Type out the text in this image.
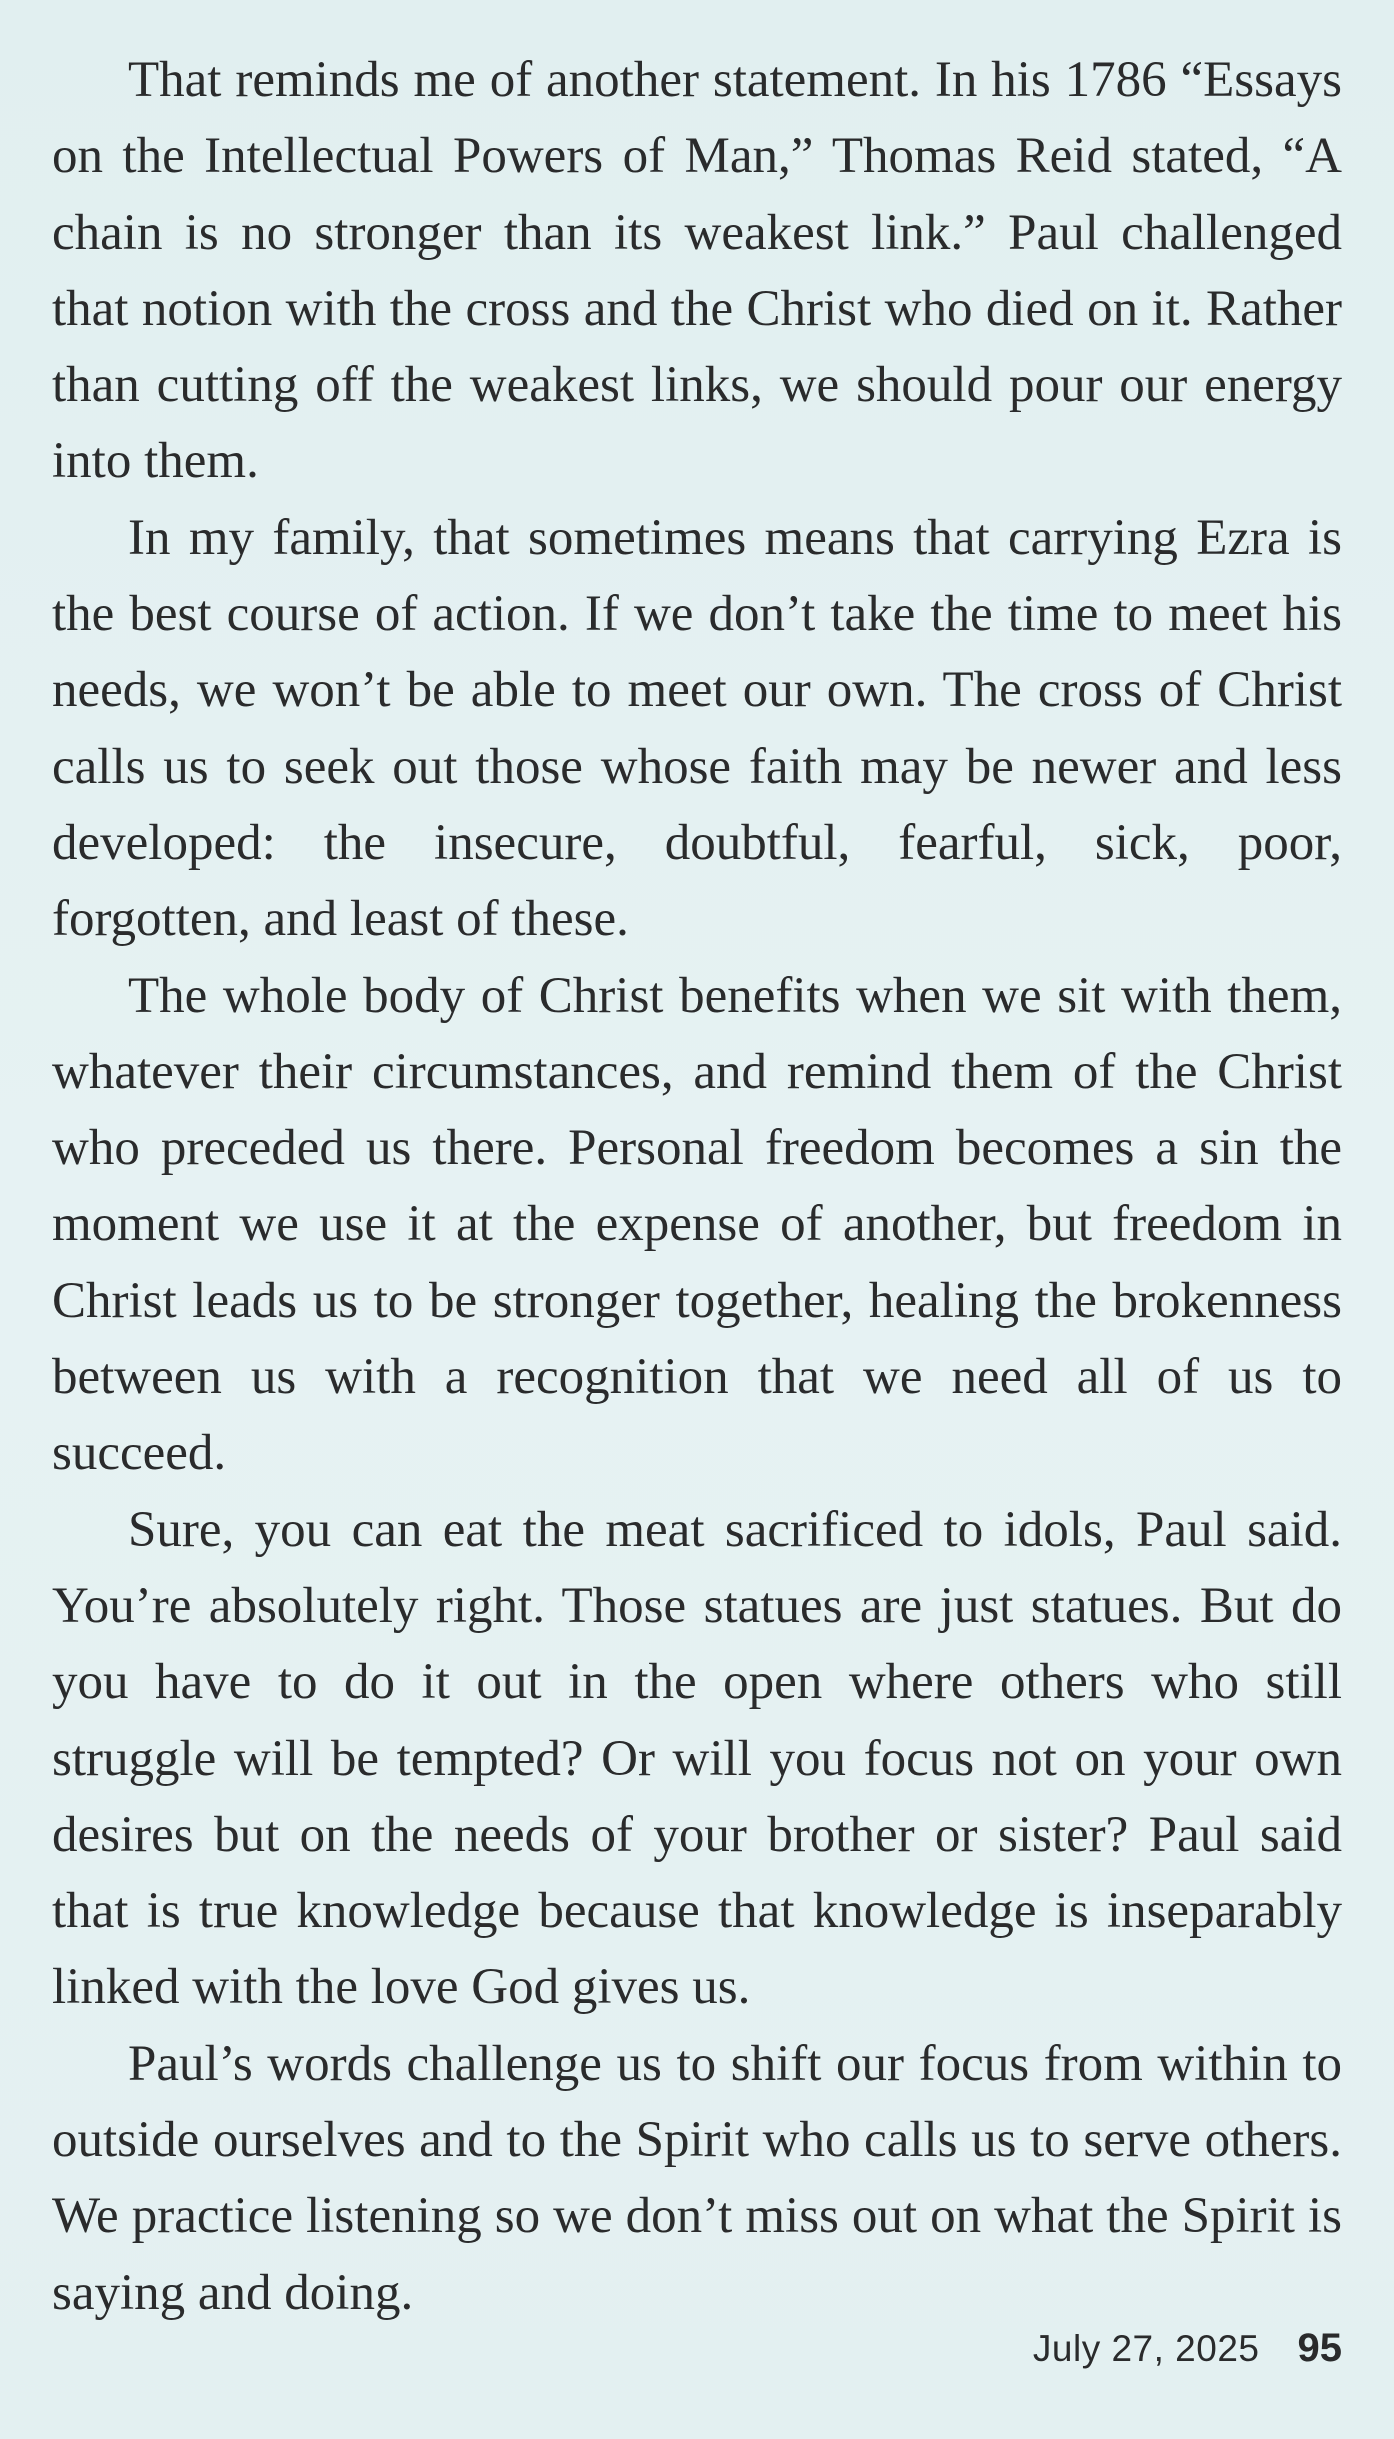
That reminds me of another statement. In his 1786 “Essays on the Intellectual Powers of Man,” Thomas Reid stated, “A chain is no stronger than its weakest link.” Paul challenged that notion with the cross and the Christ who died on it. Rather than cutting off the weakest links, we should pour our energy into them.

In my family, that sometimes means that carrying Ezra is the best course of action. If we don’t take the time to meet his needs, we won’t be able to meet our own. The cross of Christ calls us to seek out those whose faith may be newer and less developed: the insecure, doubtful, fearful, sick, poor, forgotten, and least of these.

The whole body of Christ benefits when we sit with them, whatever their circumstances, and remind them of the Christ who preceded us there. Personal freedom becomes a sin the moment we use it at the expense of another, but freedom in Christ leads us to be stronger together, healing the brokenness between us with a recognition that we need all of us to succeed.

Sure, you can eat the meat sacrificed to idols, Paul said. You’re absolutely right. Those statues are just statues. But do you have to do it out in the open where others who still struggle will be tempted? Or will you focus not on your own desires but on the needs of your brother or sister? Paul said that is true knowledge because that knowledge is inseparably linked with the love God gives us.

Paul’s words challenge us to shift our focus from within to outside ourselves and to the Spirit who calls us to serve others. We practice listening so we don’t miss out on what the Spirit is saying and doing.

July 27, 2025 95
